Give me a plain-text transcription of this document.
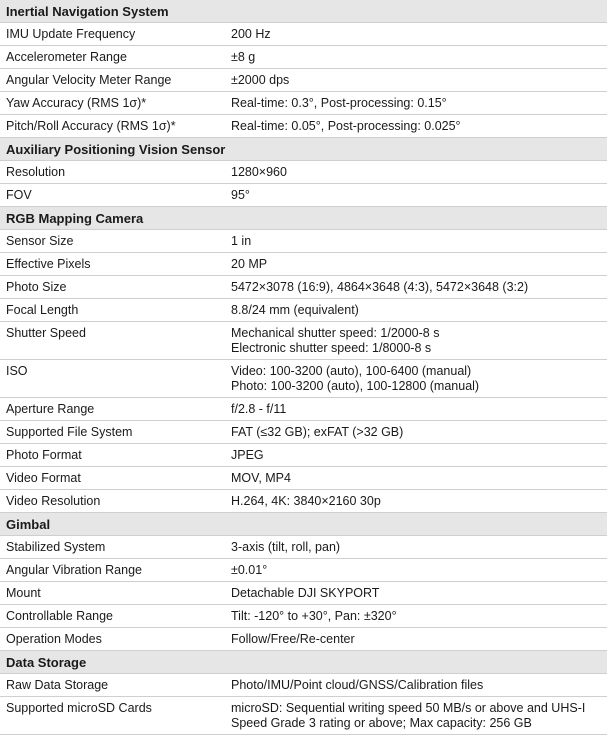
Inertial Navigation System
IMU Update Frequency	200 Hz
Accelerometer Range	±8 g
Angular Velocity Meter Range	±2000 dps
Yaw Accuracy (RMS 1σ)*	Real-time: 0.3°, Post-processing: 0.15°
Pitch/Roll Accuracy (RMS 1σ)*	Real-time: 0.05°, Post-processing: 0.025°
Auxiliary Positioning Vision Sensor
Resolution	1280×960
FOV	95°
RGB Mapping Camera
Sensor Size	1 in
Effective Pixels	20 MP
Photo Size	5472×3078 (16:9), 4864×3648 (4:3), 5472×3648 (3:2)
Focal Length	8.8/24 mm (equivalent)
Shutter Speed	Mechanical shutter speed: 1/2000-8 s
Electronic shutter speed: 1/8000-8 s
ISO	Video: 100-3200 (auto), 100-6400 (manual)
Photo: 100-3200 (auto), 100-12800 (manual)
Aperture Range	f/2.8 - f/11
Supported File System	FAT (≤32 GB); exFAT (>32 GB)
Photo Format	JPEG
Video Format	MOV, MP4
Video Resolution	H.264, 4K: 3840×2160 30p
Gimbal
Stabilized System	3-axis (tilt, roll, pan)
Angular Vibration Range	±0.01°
Mount	Detachable DJI SKYPORT
Controllable Range	Tilt: -120° to +30°, Pan: ±320°
Operation Modes	Follow/Free/Re-center
Data Storage
Raw Data Storage	Photo/IMU/Point cloud/GNSS/Calibration files
Supported microSD Cards	microSD: Sequential writing speed 50 MB/s or above and UHS-I
Speed Grade 3 rating or above; Max capacity: 256 GB
